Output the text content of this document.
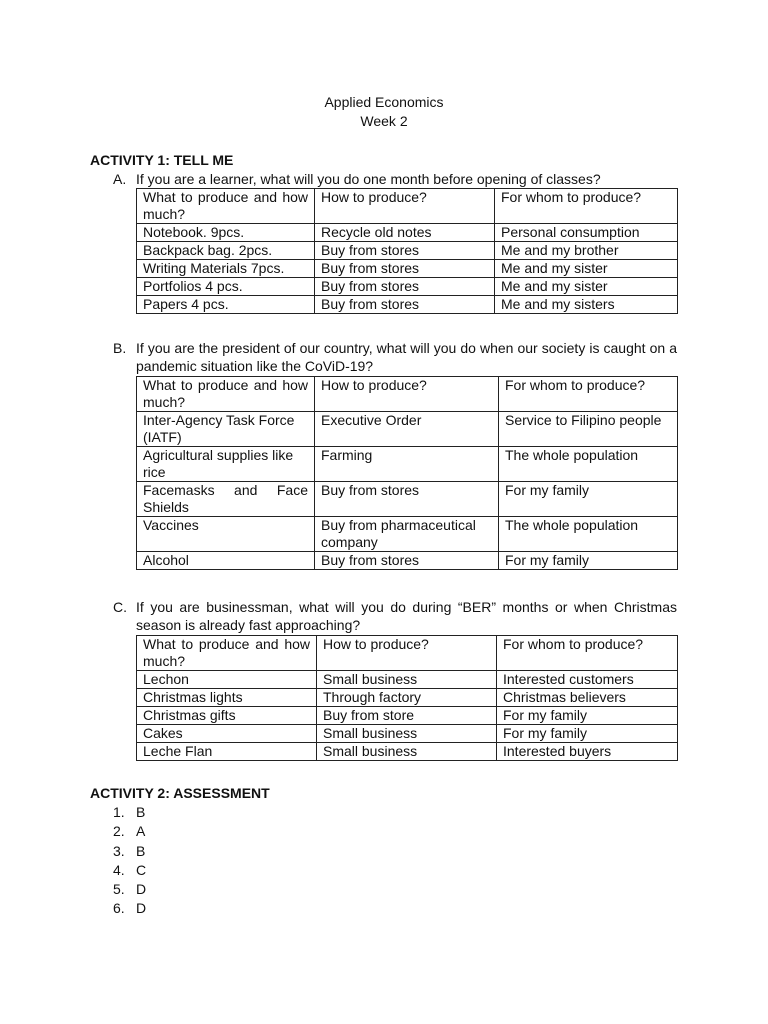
Applied Economics
Week 2
ACTIVITY 1: TELL ME
A. If you are a learner, what will you do one month before opening of classes?
What to produce and how much?	How to produce?	For whom to produce?
Notebook. 9pcs.	Recycle old notes	Personal consumption
Backpack bag. 2pcs.	Buy from stores	Me and my brother
Writing Materials 7pcs.	Buy from stores	Me and my sister
Portfolios 4 pcs.	Buy from stores	Me and my sister
Papers 4 pcs.	Buy from stores	Me and my sisters
B. If you are the president of our country, what will you do when our society is caught on a pandemic situation like the CoViD-19?
What to produce and how much?	How to produce?	For whom to produce?
Inter-Agency Task Force (IATF)	Executive Order	Service to Filipino people
Agricultural supplies like rice	Farming	The whole population
Facemasks and Face Shields	Buy from stores	For my family
Vaccines	Buy from pharmaceutical company	The whole population
Alcohol	Buy from stores	For my family
C. If you are businessman, what will you do during “BER” months or when Christmas season is already fast approaching?
What to produce and how much?	How to produce?	For whom to produce?
Lechon	Small business	Interested customers
Christmas lights	Through factory	Christmas believers
Christmas gifts	Buy from store	For my family
Cakes	Small business	For my family
Leche Flan	Small business	Interested buyers
ACTIVITY 2: ASSESSMENT
1. B
2. A
3. B
4. C
5. D
6. D
